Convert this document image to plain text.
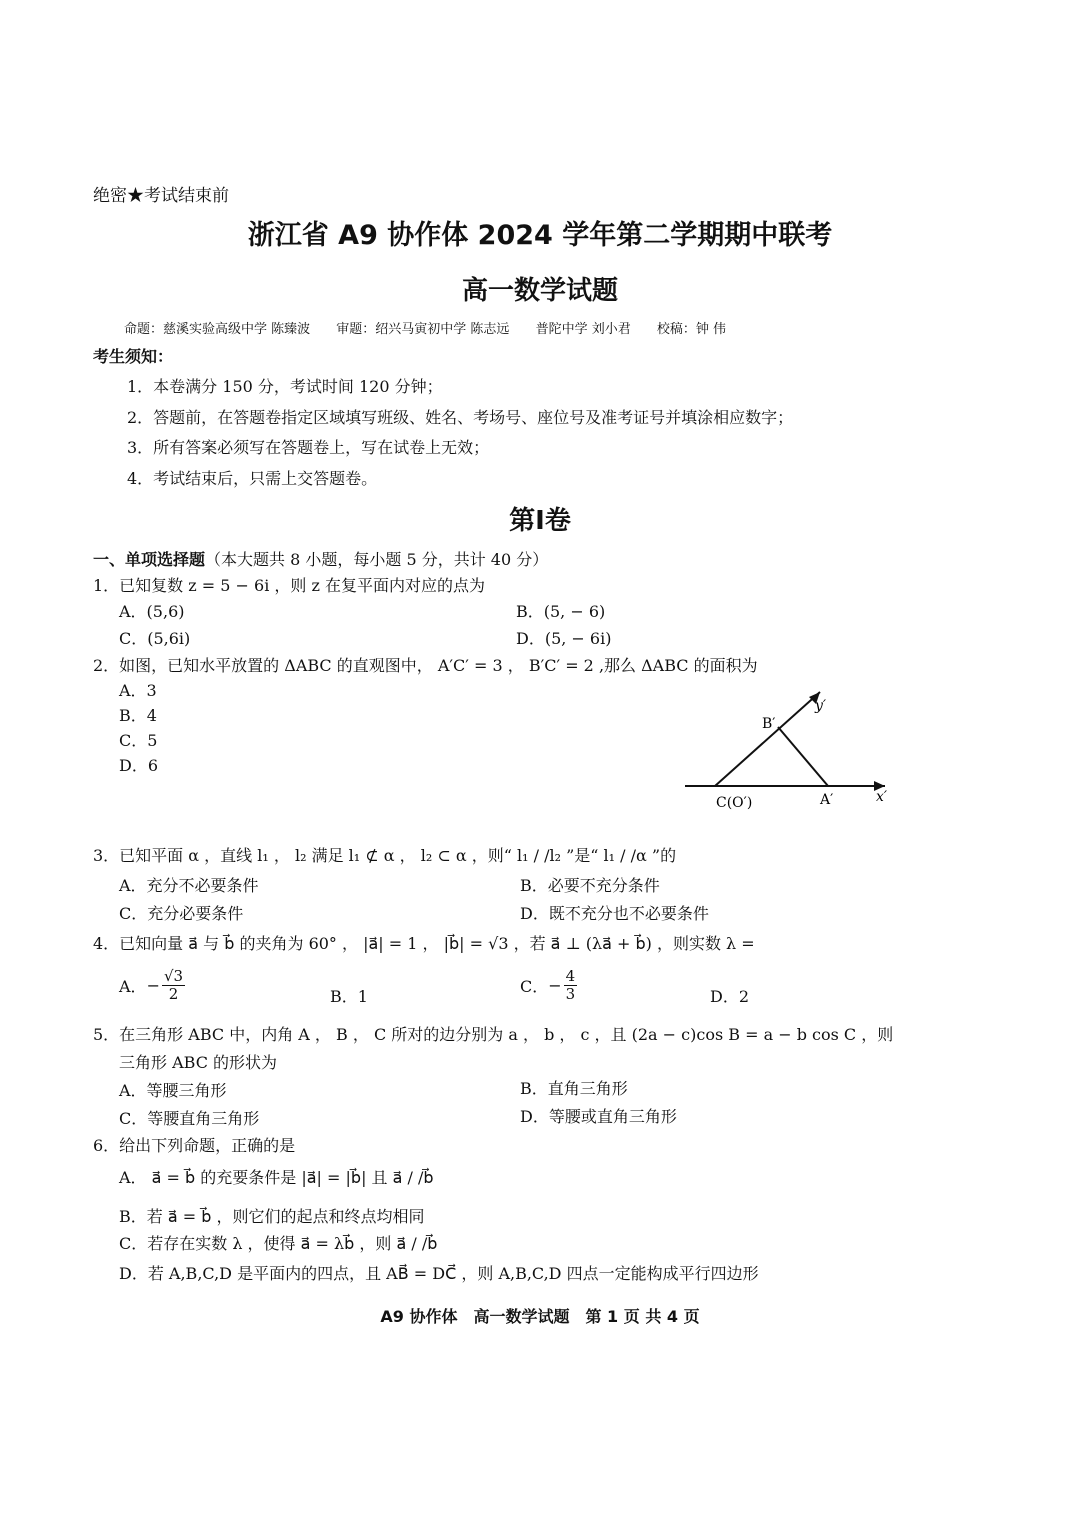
绝密★考试结束前
浙江省 A9 协作体 2024 学年第二学期期中联考
高一数学试题
命题：慈溪实验高级中学 陈臻波 审题：绍兴马寅初中学 陈志远 普陀中学 刘小君 校稿：钟 伟
考生须知：
1．本卷满分 150 分，考试时间 120 分钟；
2．答题前，在答题卷指定区域填写班级、姓名、考场号、座位号及准考证号并填涂相应数字；
3．所有答案必须写在答题卷上，写在试卷上无效；
4．考试结束后，只需上交答题卷。
第Ⅰ卷
一、单项选择题（本大题共 8 小题，每小题 5 分，共计 40 分）
1．已知复数 z = 5 − 6i ，则 z 在复平面内对应的点为
A．(5,6)	B．(5, − 6)
C．(5,6i)	D．(5, − 6i)
2．如图，已知水平放置的 ΔABC 的直观图中， A′C′ = 3 ， B′C′ = 2 ,那么 ΔABC 的面积为
A．3
B．4
C．5
D．6
y′
x′
B′
A′
C(O′)
3．已知平面 α ，直线 l₁ ， l₂ 满足 l₁ ⊄ α ， l₂ ⊂ α ，则“ l₁ / /l₂ ”是“ l₁ / /α ”的
A．充分不必要条件	B．必要不充分条件
C．充分必要条件	D．既不充分也不必要条件
4．已知向量 a⃗ 与 b⃗ 的夹角为 60° ， |a⃗| = 1 ， |b⃗| = √3 ，若 a⃗ ⊥ (λa⃗ + b⃗) ，则实数 λ =
A． − $\frac{√3}{2}$	B．1
C． − $\frac{4}{3}$	D．2
5．在三角形 ABC 中，内角 A ， B ， C 所对的边分别为 a ， b ， c ，且 (2a − c)cos B = a − b cos C ，则
三角形 ABC 的形状为
A．等腰三角形	B．直角三角形
C．等腰直角三角形	D．等腰或直角三角形
6．给出下列命题，正确的是
A． a⃗ = b⃗ 的充要条件是 |a⃗| = |b⃗| 且 a⃗ / /b⃗
B．若 a⃗ = b⃗ ，则它们的起点和终点均相同
C．若存在实数 λ ，使得 a⃗ = λb⃗ ，则 a⃗ / /b⃗
D．若 A,B,C,D 是平面内的四点，且 AB⃗ = DC⃗ ，则 A,B,C,D 四点一定能构成平行四边形
A9 协作体　高一数学试题　第 1 页 共 4 页
